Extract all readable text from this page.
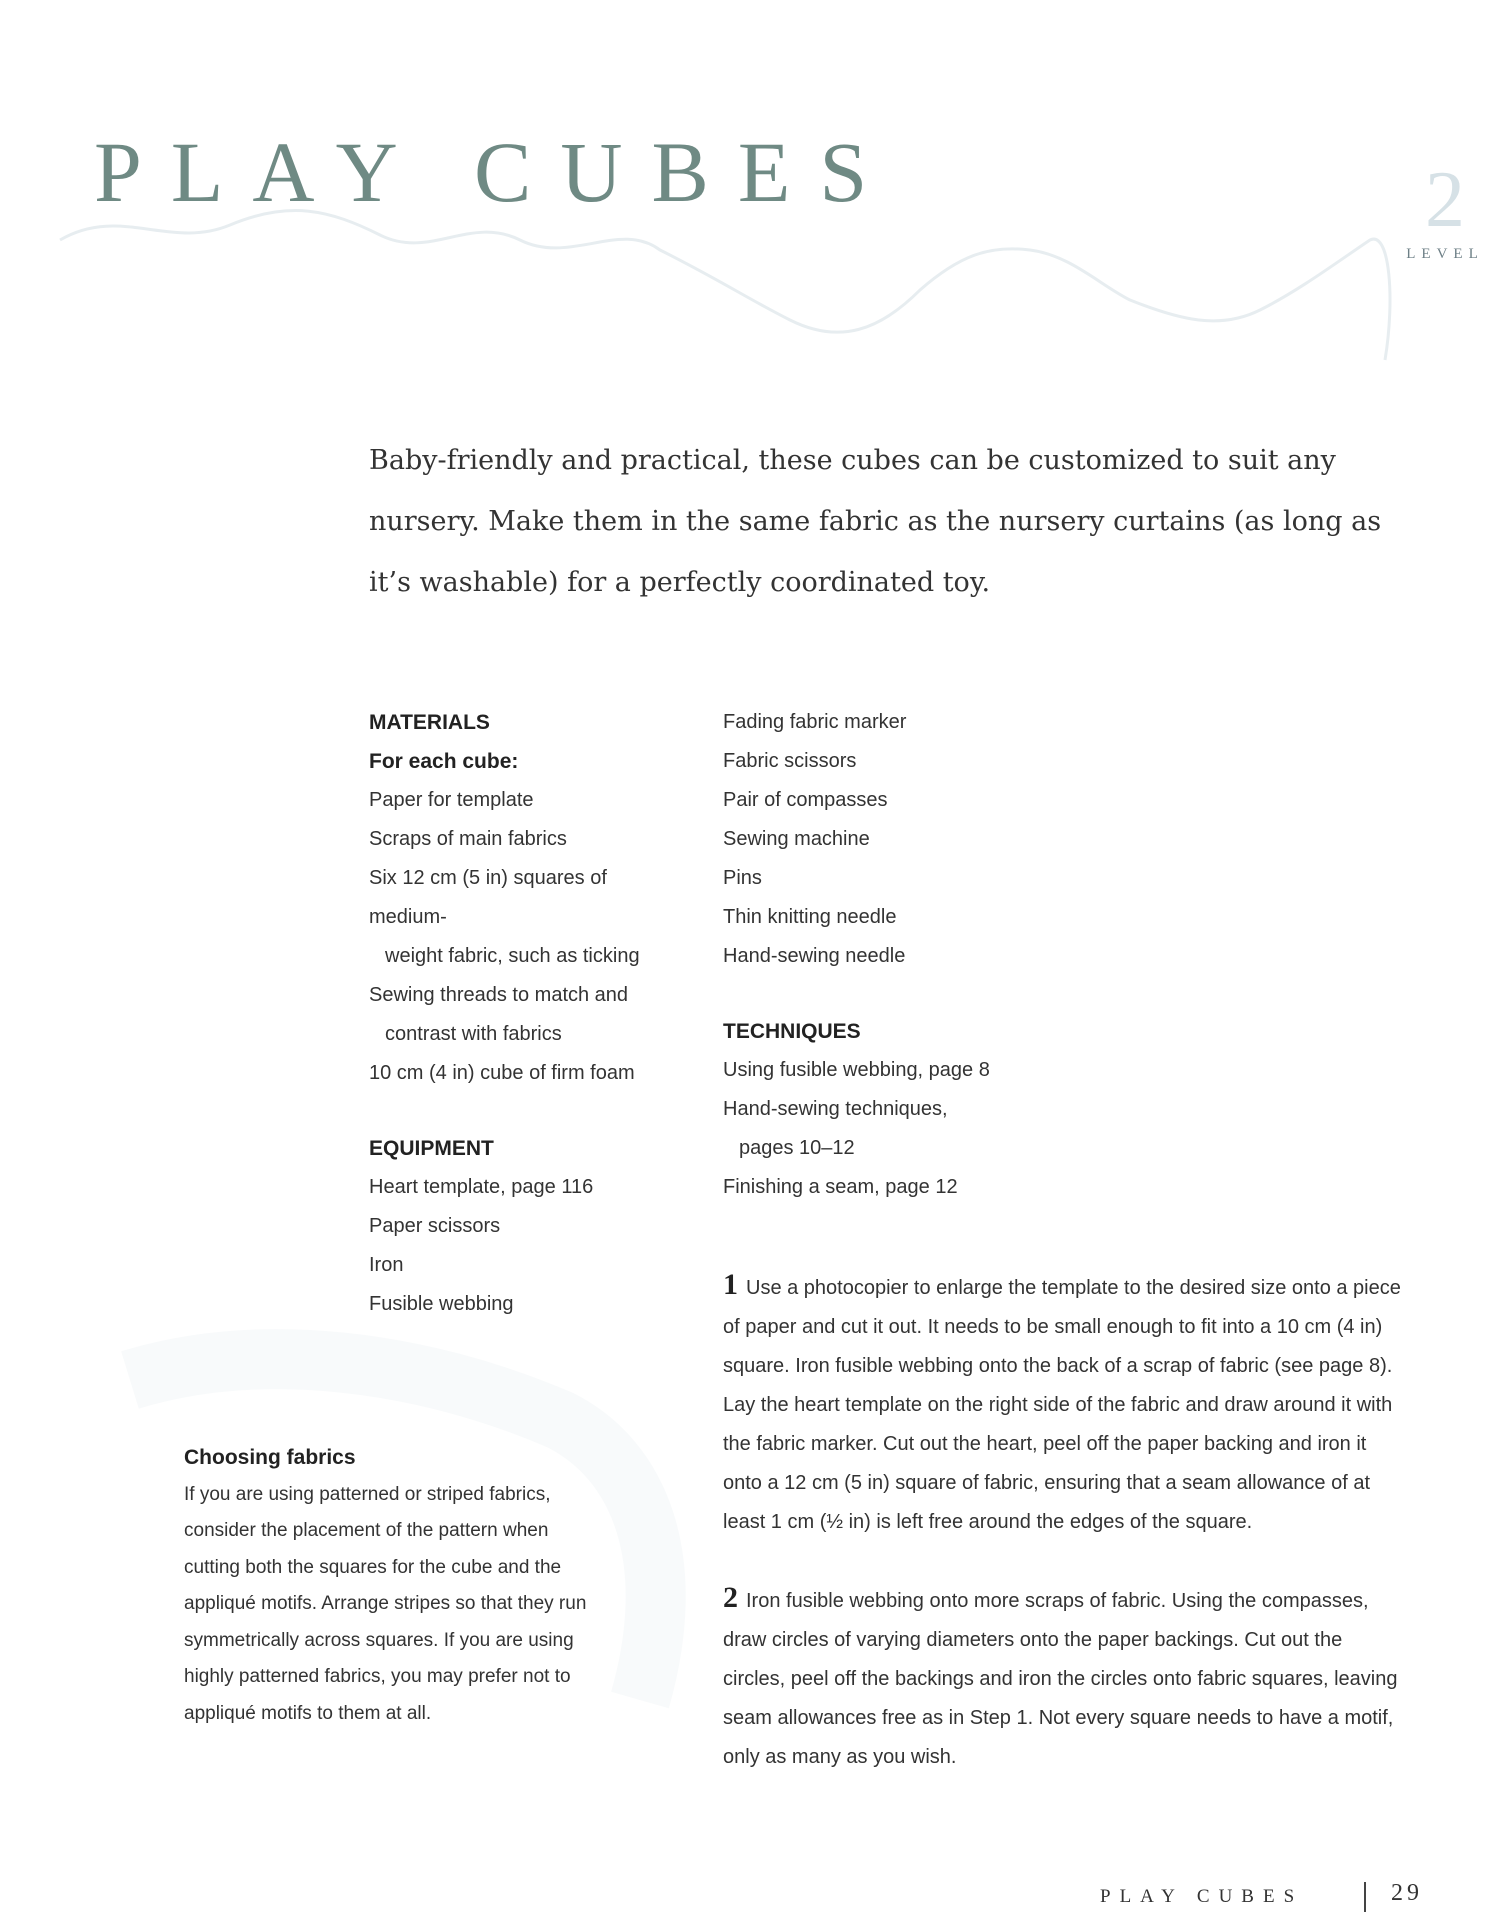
PLAY CUBES	2
LEVEL

Baby-friendly and practical, these cubes can be customized to suit any nursery. Make them in the same fabric as the nursery curtains (as long as it’s washable) for a perfectly coordinated toy.

MATERIALS
For each cube:
Paper for template
Scraps of main fabrics
Six 12 cm (5 in) squares of medium-
weight fabric, such as ticking
Sewing threads to match and
contrast with fabrics
10 cm (4 in) cube of firm foam
EQUIPMENT
Heart template, page 116
Paper scissors
Iron
Fusible webbing
Fading fabric marker
Fabric scissors
Pair of compasses
Sewing machine
Pins
Thin knitting needle
Hand-sewing needle
TECHNIQUES
Using fusible webbing, page 8
Hand-sewing techniques,
pages 10–12
Finishing a seam, page 12

1 Use a photocopier to enlarge the template to the desired size onto a piece of paper and cut it out. It needs to be small enough to fit into a 10 cm (4 in) square. Iron fusible webbing onto the back of a scrap of fabric (see page 8). Lay the heart template on the right side of the fabric and draw around it with the fabric marker. Cut out the heart, peel off the paper backing and iron it onto a 12 cm (5 in) square of fabric, ensuring that a seam allowance of at least 1 cm (½ in) is left free around the edges of the square.

2 Iron fusible webbing onto more scraps of fabric. Using the compasses, draw circles of varying diameters onto the paper backings. Cut out the circles, peel off the backings and iron the circles onto fabric squares, leaving seam allowances free as in Step 1. Not every square needs to have a motif, only as many as you wish.

Choosing fabrics
If you are using patterned or striped fabrics, consider the placement of the pattern when cutting both the squares for the cube and the appliqué motifs. Arrange stripes so that they run symmetrically across squares. If you are using highly patterned fabrics, you may prefer not to appliqué motifs to them at all.
PLAY CUBES	29
